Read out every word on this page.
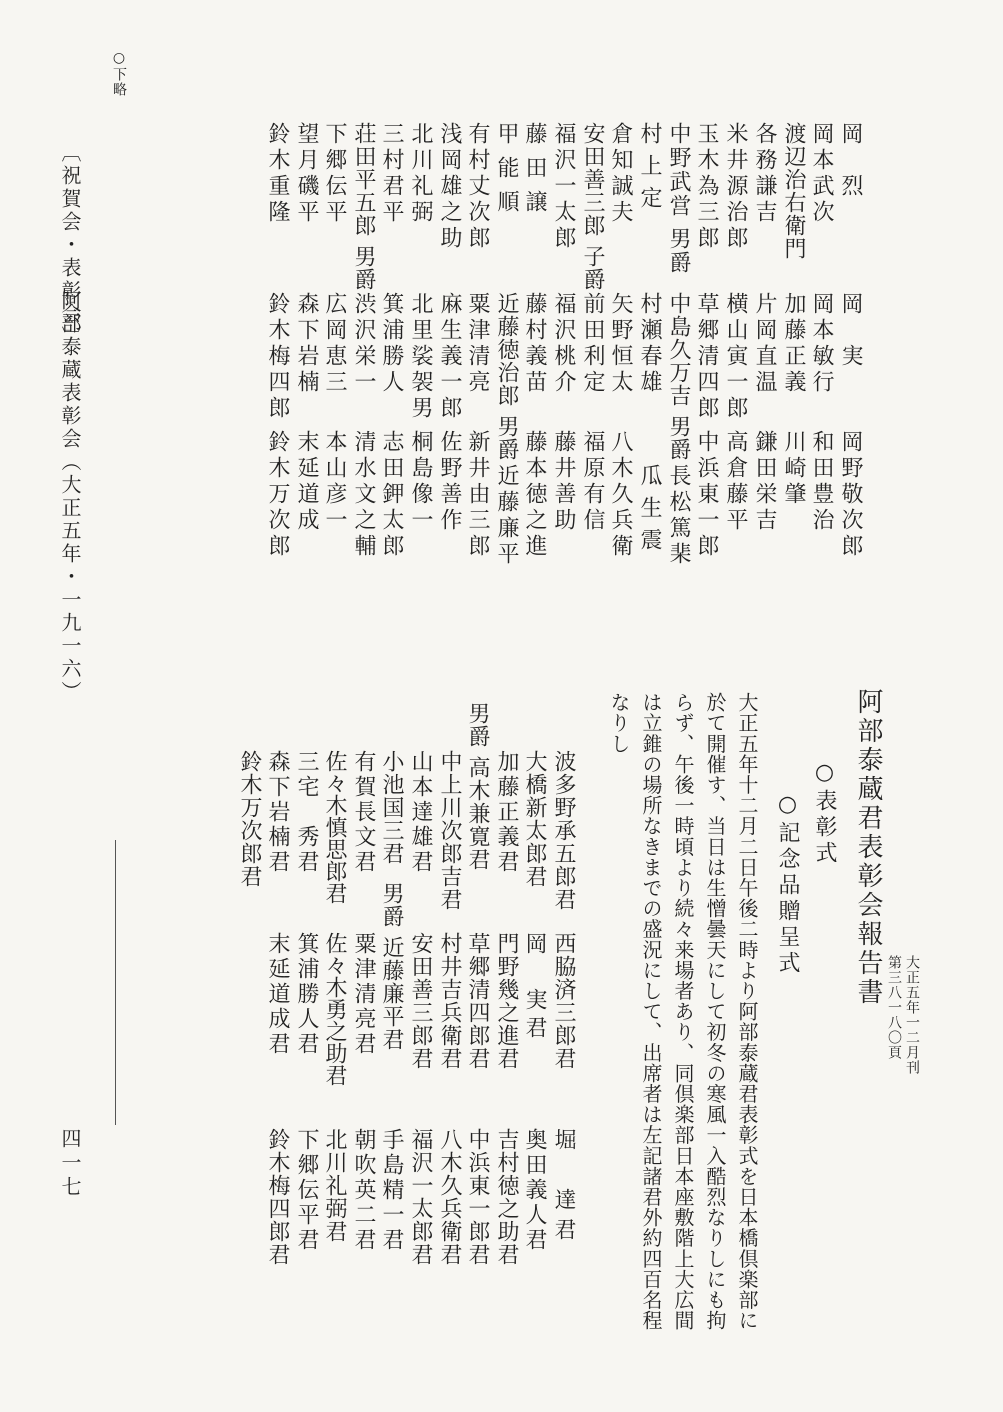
阿部泰蔵君表彰会報告書
第三八一八〇頁 大正五年一二月刊
○表彰式
○記念品贈呈式
大正五年十二月二日午後二時より阿部泰蔵君表彰式を日本橋倶楽部に
於て開催す、当日は生憎曇天にして初冬の寒風一入酷烈なりしにも拘
らず、午後一時頃より続々来場者あり、同倶楽部日本座敷階上大広間
は立錐の場所なきまでの盛況にして、出席者は左記諸君外約四百名程
なりし
岡　烈
岡　実
岡野敬次郎
岡本武次
岡本敏行
和田豊治
渡辺治右衛門
加藤正義
川崎肇
各務謙吉
片岡直温
鎌田栄吉
米井源治郎
横山寅一郎
高倉藤平
玉木為三郎
草郷清四郎
中浜東一郎
中野武営 男爵
中島久万吉 男爵
長松篤棐
村上定
村瀬春雄
瓜生震
倉知誠夫
矢野恒太
八木久兵衛
安田善三郎 子爵
前田利定
福原有信
福沢一太郎
福沢桃介
藤井善助
藤田譲
藤村義苗
藤本徳之進
甲能順
近藤徳治郎 男爵
近藤廉平
有村丈次郎
粟津清亮
新井由三郎
浅岡雄之助
麻生義一郎
佐野善作
北川礼弼
北里裟袈男
桐島像一
三村君平
箕浦勝人
志田鉀太郎
荘田平五郎 男爵
渋沢栄一
清水文之輔
下郷伝平
広岡恵三
本山彦一
望月磯平
森下岩楠
末延道成
鈴木重隆
鈴木梅四郎
鈴木万次郎
波多野承五郎君
西脇済三郎君
堀　達君
大橋新太郎君
岡　実君
奥田義人君
加藤正義君
門野幾之進君
吉村徳之助君
男爵 高木兼寛君
草郷清四郎君
中浜東一郎君
中上川次郎吉君
村井吉兵衛君
八木久兵衛君
山本達雄君
安田善三郎君
福沢一太郎君
小池国三君
男爵 近藤廉平君
手島精一君
有賀長文君
粟津清亮君
朝吹英二君
佐々木慎思郎君
佐々木勇之助君
北川礼弼君
三宅　秀君
箕浦勝人君
下郷伝平君
森下岩楠君
末延道成君
鈴木梅四郎君
鈴木万次郎君
○下略
〔祝賀会・表彰会〕
阿部泰蔵表彰会（大正五年・一九一六）
四一七
